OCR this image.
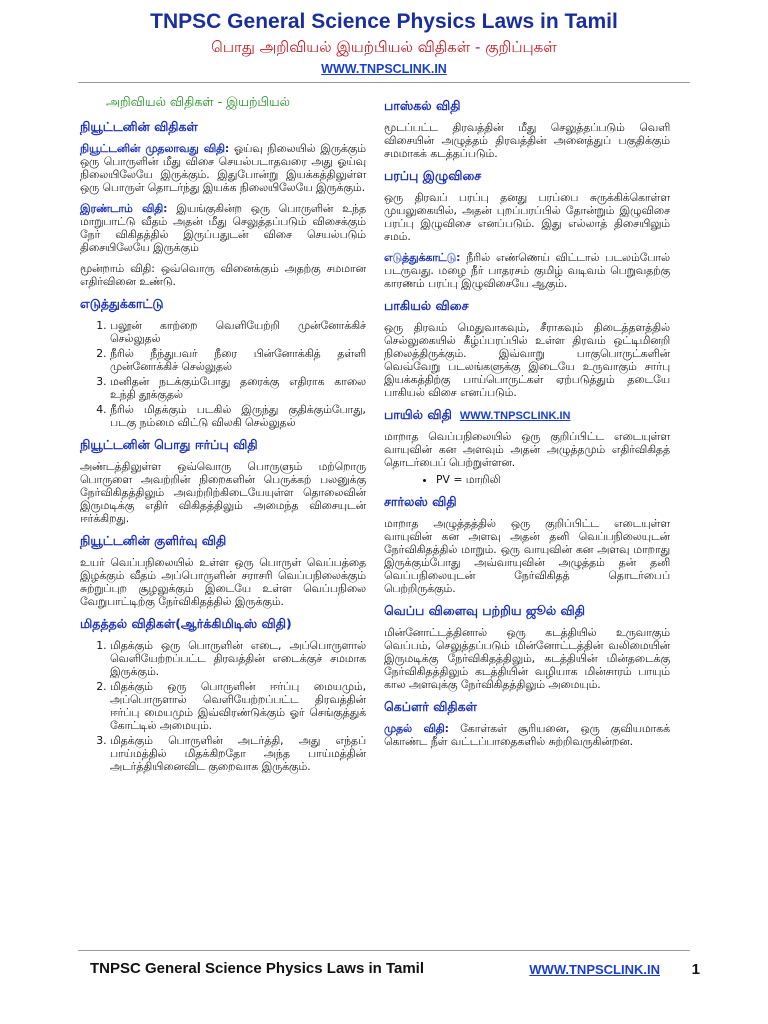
TNPSC General Science Physics Laws in Tamil
பொது அறிவியல் இயற்பியல் விதிகள் - குறிப்புகள்
WWW.TNPSCLINK.IN
அறிவியல் விதிகள் - இயற்பியல்
நியூட்டனின் விதிகள்

நியூட்டனின் முதலாவது விதி: ஓய்வு நிலையில் இருக்கும் ஒரு பொருளின் மீது விசை செயல்படாதவரை அது ஓய்வு நிலையிலேயே இருக்கும். இதுபோன்று இயக்கத்திலுள்ள ஒரு பொருள் தொடர்ந்து இயக்க நிலையிலேயே இருக்கும்.

இரண்டாம் விதி: இயங்குகின்ற ஒரு பொருளின் உந்த மாறுபாட்டு வீதம் அதன் மீது செலுத்தப்படும் விசைக்கும் நேர் விகிதத்தில் இருப்பதுடன் விசை செயல்படும் திசையிலேயே இருக்கும்

மூன்றாம் விதி: ஒவ்வொரு வினைக்கும் அதற்கு சமமான எதிர்வினை உண்டு.

எடுத்துக்காட்டு
1. பலூன் காற்றை வெளியேற்றி முன்னோக்கிச் செல்லுதல்
2. நீரில் நீந்துபவர் நீரை பின்னோக்கித் தள்ளி முன்னோக்கிச் செல்லுதல்
3. மனிதன் நடக்கும்போது தரைக்கு எதிராக காலை உந்தி தூக்குதல்
4. நீரில் மிதக்கும் படகில் இருந்து குதிக்கும்போது, படகு நம்மை விட்டு விலகி செல்லுதல்
நியூட்டனின் பொது ஈர்ப்பு விதி

அண்டத்திலுள்ள ஒவ்வொரு பொருளும் மற்றொரு பொருளை அவற்றின் நிறைகளின் பெருக்கற் பலனுக்கு நேர்விகிதத்திலும் அவற்றிற்கிடையேயுள்ள தொலைவின் இருமடிக்கு எதிர் விகிதத்திலும் அமைந்த விசையுடன் ஈர்க்கிறது.

நியூட்டனின் குளிர்வு விதி

உயர் வெப்பநிலையில் உள்ள ஒரு பொருள் வெப்பத்தை இழக்கும் வீதம் அப்பொருளின் சராசரி வெப்பநிலைக்கும் சுற்றுப்புற சூழலுக்கும் இடையே உள்ள வெப்பநிலை வேறுபாட்டிற்கு நேர்விகிதத்தில் இருக்கும்.

மிதத்தல் விதிகள்(ஆர்க்கிமிடிஸ் விதி)
1. மிதக்கும் ஒரு பொருளின் எடை, அப்பொருளால் வெளியேற்றப்பட்ட திரவத்தின் எடைக்குச் சமமாக இருக்கும்.
2. மிதக்கும் ஒரு பொருளின் ஈர்ப்பு மையமும், அப்பொருளால் வெளியேற்றப்பட்ட திரவத்தின் ஈர்ப்பு மையமும் இவ்விரண்டுக்கும் ஓர் செங்குத்துக் கோட்டில் அமையும்.
3. மிதக்கும் பொருளின் அடர்த்தி, அது எந்தப் பாய்மத்தில் மிதக்கிறதோ அந்த பாய்மத்தின் அடர்த்தியினைவிட குறைவாக இருக்கும்.
பாஸ்கல் விதி

மூடப்பட்ட திரவத்தின் மீது செலுத்தப்படும் வெளி விசையின் அழுத்தம் திரவத்தின் அனைத்துப் பகுதிக்கும் சமமாகக் கடத்தப்படும்.

பரப்பு இழுவிசை

ஒரு திரவப் பரப்பு தனது பரப்பை சுருக்கிக்கொள்ள முயலுகையில், அதன் புறப்பரப்பில் தோன்றும் இழுவிசை பரப்பு இழுவிசை எனப்படும். இது எல்லாத் திசையிலும் சமம்.

எடுத்துக்காட்டு: நீரில் எண்ணெய் விட்டால் படலம்போல் படருவது. மழை நீர் பாதரசம் குமிழ் வடிவம் பெறுவதற்கு காரணம் பரப்பு இழுவிசையே ஆகும்.

பாகியல் விசை

ஒரு திரவம் மெதுவாகவும், சீராகவும் திடைத்தளத்தில் செல்லுகையில் கீழ்ப்பரப்பில் உள்ள திரவம் ஒட்டிமினறி நிலைத்திருக்கும். இவ்வாறு பாகுபொருட்களின் வெவ்வேறு படலங்களுக்கு இடையே உருவாகும் சார்பு இயக்கத்திற்கு பாய்பொருட்கள் ஏற்படுத்தும் தடையே பாகியல் விசை எனப்படும்.

பாயில் விதி WWW.TNPSCLINK.IN

மாறாத வெப்பநிலையில் ஒரு குறிப்பிட்ட எடையுள்ள வாயுவின் கன அளவும் அதன் அழுத்தமும் எதிர்விகிதத் தொடர்பைப் பெற்றுள்ளன.

• PV = மாறிலி
சார்லஸ் விதி

மாறாத அழுத்தத்தில் ஒரு குறிப்பிட்ட எடையுள்ள வாயுவின் கன அளவு அதன் தனி வெப்பநிலையுடன் நேர்விகிதத்தில் மாறும். ஒரு வாயுவின் கன அளவு மாறாது இருக்கும்போது அவ்வாயுவின் அழுத்தம் தன் தனி வெப்பநிலையுடன் நேர்விகிதத் தொடர்பைப் பெற்றிருக்கும்.

வெப்ப விளைவு பற்றிய ஜூல் விதி

மின்னோட்டத்தினால் ஒரு கடத்தியில் உருவாகும் வெப்பம், செலுத்தப்படும் மின்னோட்டத்தின் வலிமையின் இருமடிக்கு நேர்விகிதத்திலும், கடத்தியின் மின்தடைக்கு நேர்விகிதத்திலும் கடத்தியின் வழியாக மின்சாரம் பாயும் கால அளவுக்கு நேர்விகிதத்திலும் அமையும்.

கெப்ளர் விதிகள்

முதல் விதி: கோள்கள் சூரியனை, ஒரு குவியமாகக் கொண்ட நீள் வட்டப்பாதைகளில் சுற்றிவருகின்றன.

TNPSC General Science Physics Laws in Tamil	WWW.TNPSCLINK.IN 1
